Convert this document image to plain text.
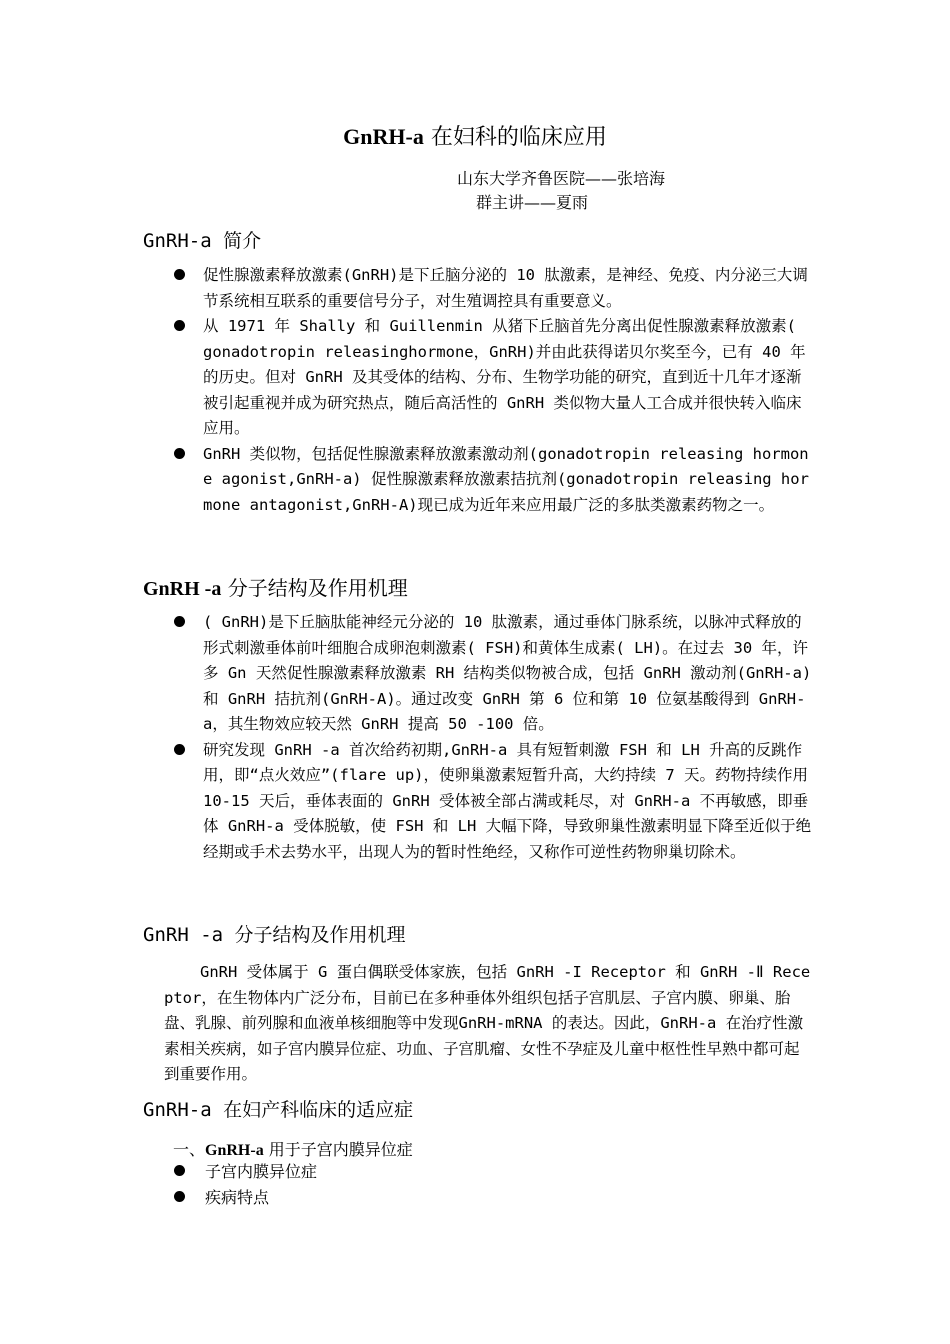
GnRH-a 在妇科的临床应用
山东大学齐鲁医院——张培海
群主讲——夏雨
GnRH-a 简介
促性腺激素释放激素(GnRH)是下丘脑分泌的 10 肽激素，是神经、免疫、内分泌三大调节系统相互联系的重要信号分子，对生殖调控具有重要意义。
从 1971 年 Shally 和 Guillenmin 从猪下丘脑首先分离出促性腺激素释放激素( gonadotropin releasinghormone，GnRH)并由此获得诺贝尔奖至今，已有 40 年的历史。但对 GnRH 及其受体的结构、分布、生物学功能的研究，直到近十几年才逐渐被引起重视并成为研究热点，随后高活性的 GnRH 类似物大量人工合成并很快转入临床应用。
GnRH 类似物，包括促性腺激素释放激素激动剂(gonadotropin releasing hormone agonist,GnRH-a) 促性腺激素释放激素拮抗剂(gonadotropin releasing hormone antagonist,GnRH-A)现已成为近年来应用最广泛的多肽类激素药物之一。
GnRH -a 分子结构及作用机理
( GnRH)是下丘脑肽能神经元分泌的 10 肽激素，通过垂体门脉系统，以脉冲式释放的形式刺激垂体前叶细胞合成卵泡刺激素( FSH)和黄体生成素( LH)。在过去 30 年，许多 Gn 天然促性腺激素释放激素 RH 结构类似物被合成，包括 GnRH 激动剂(GnRH-a)和 GnRH 拮抗剂(GnRH-A)。通过改变 GnRH 第 6 位和第 10 位氨基酸得到 GnRH-a，其生物效应较天然 GnRH 提高 50 -100 倍。
研究发现 GnRH -a 首次给药初期,GnRH-a 具有短暂刺激 FSH 和 LH 升高的反跳作用，即“点火效应”(flare up)，使卵巢激素短暂升高，大约持续 7 天。药物持续作用 10-15 天后，垂体表面的 GnRH 受体被全部占满或耗尽，对 GnRH-a 不再敏感，即垂体 GnRH-a 受体脱敏，使 FSH 和 LH 大幅下降，导致卵巢性激素明显下降至近似于绝经期或手术去势水平，出现人为的暂时性绝经，又称作可逆性药物卵巢切除术。
GnRH -a 分子结构及作用机理

GnRH 受体属于 G 蛋白偶联受体家族，包括 GnRH -I Receptor 和 GnRH -Ⅱ Receptor，在生物体内广泛分布，目前已在多种垂体外组织包括子宫肌层、子宫内膜、卵巢、胎盘、乳腺、前列腺和血液单核细胞等中发现GnRH-mRNA 的表达。因此，GnRH-a 在治疗性激素相关疾病，如子宫内膜异位症、功血、子宫肌瘤、女性不孕症及儿童中枢性性早熟中都可起到重要作用。

GnRH-a 在妇产科临床的适应症
一、GnRH-a 用于子宫内膜异位症
子宫内膜异位症
疾病特点
